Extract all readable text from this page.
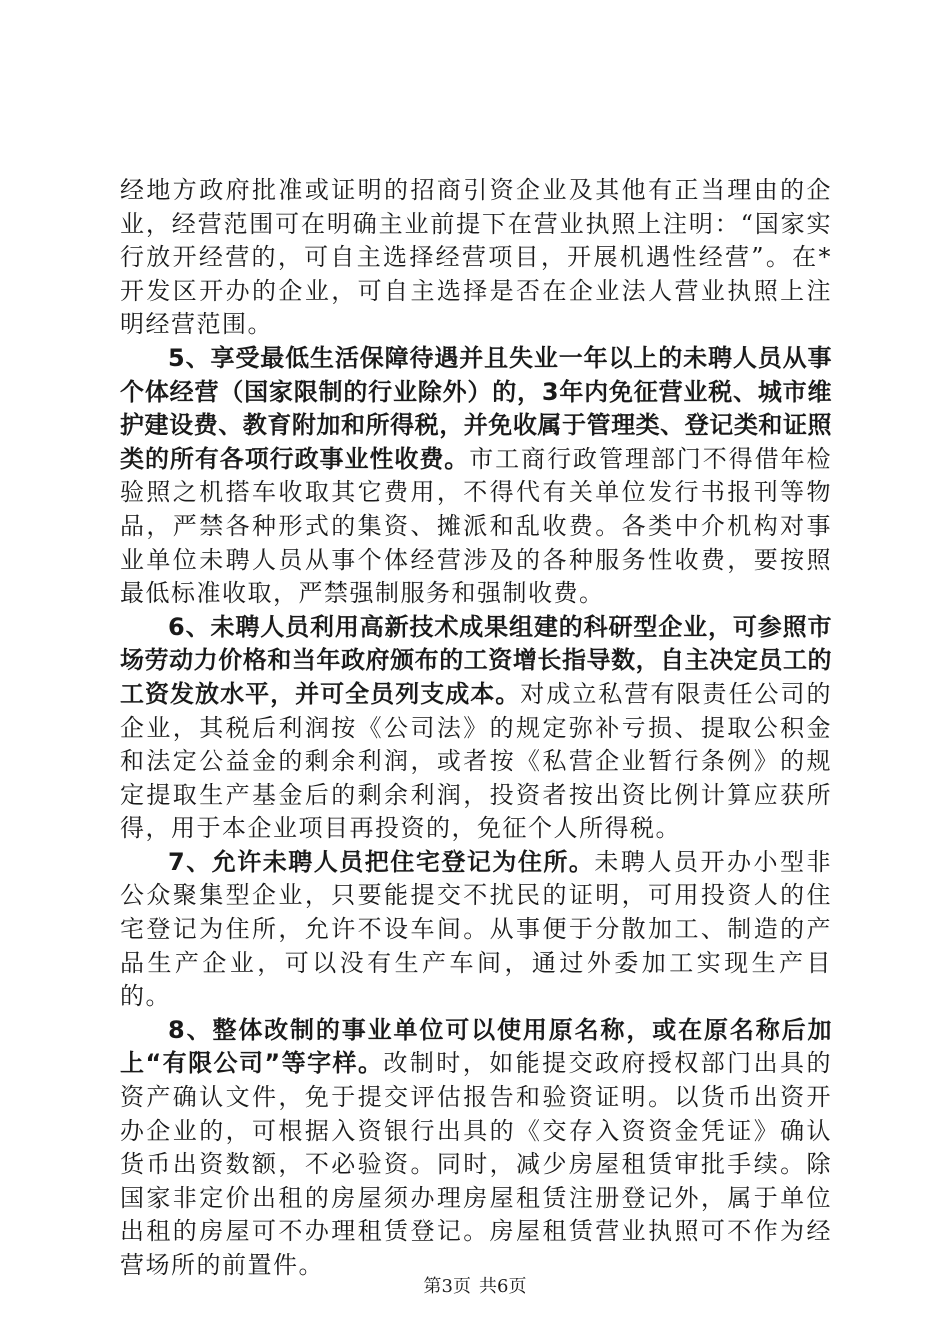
经地方政府批准或证明的招商引资企业及其他有正当理由的企业，经营范围可在明确主业前提下在营业执照上注明：“国家实行放开经营的，可自主选择经营项目，开展机遇性经营”。在*开发区开办的企业，可自主选择是否在企业法人营业执照上注明经营范围。

5、享受最低生活保障待遇并且失业一年以上的未聘人员从事个体经营（国家限制的行业除外）的，3年内免征营业税、城市维护建设费、教育附加和所得税，并免收属于管理类、登记类和证照类的所有各项行政事业性收费。市工商行政管理部门不得借年检验照之机搭车收取其它费用，不得代有关单位发行书报刊等物品，严禁各种形式的集资、摊派和乱收费。各类中介机构对事业单位未聘人员从事个体经营涉及的各种服务性收费，要按照最低标准收取，严禁强制服务和强制收费。

6、未聘人员利用高新技术成果组建的科研型企业，可参照市场劳动力价格和当年政府颁布的工资增长指导数，自主决定员工的工资发放水平，并可全员列支成本。对成立私营有限责任公司的企业，其税后利润按《公司法》的规定弥补亏损、提取公积金和法定公益金的剩余利润，或者按《私营企业暂行条例》的规定提取生产基金后的剩余利润，投资者按出资比例计算应获所得，用于本企业项目再投资的，免征个人所得税。

7、允许未聘人员把住宅登记为住所。未聘人员开办小型非公众聚集型企业，只要能提交不扰民的证明，可用投资人的住宅登记为住所，允许不设车间。从事便于分散加工、制造的产品生产企业，可以没有生产车间，通过外委加工实现生产目的。

8、整体改制的事业单位可以使用原名称，或在原名称后加上“有限公司”等字样。改制时，如能提交政府授权部门出具的资产确认文件，免于提交评估报告和验资证明。以货币出资开办企业的，可根据入资银行出具的《交存入资资金凭证》确认货币出资数额，不必验资。同时，减少房屋租赁审批手续。除国家非定价出租的房屋须办理房屋租赁注册登记外，属于单位出租的房屋可不办理租赁登记。房屋租赁营业执照可不作为经营场所的前置件。

第3页 共6页
